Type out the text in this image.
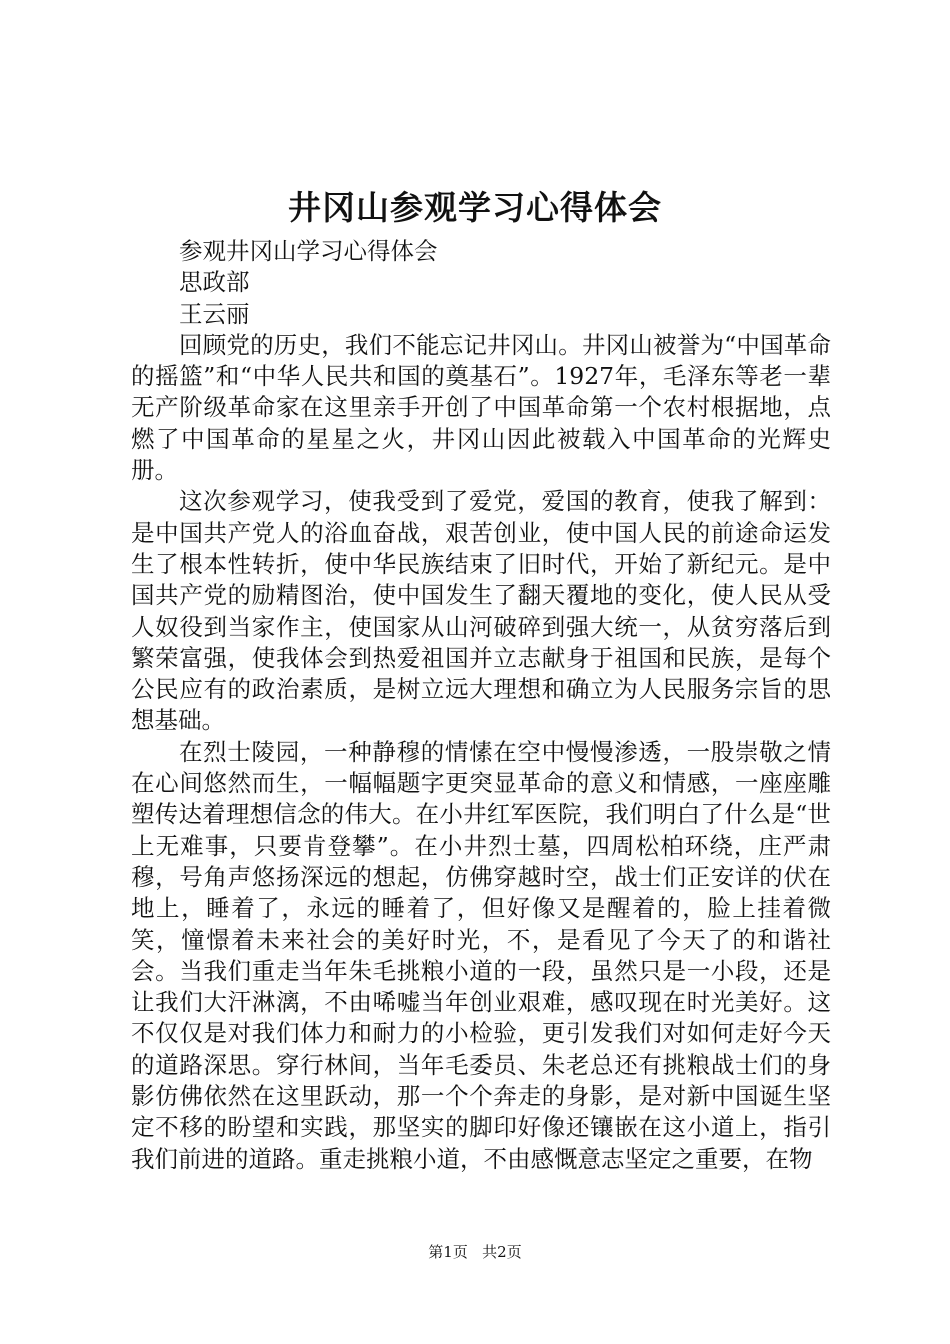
井冈山参观学习心得体会

参观井冈山学习心得体会

思政部

王云丽

回顾党的历史，我们不能忘记井冈山。井冈山被誉为“中国革命的摇篮”和“中华人民共和国的奠基石”。1927年，毛泽东等老一辈无产阶级革命家在这里亲手开创了中国革命第一个农村根据地，点燃了中国革命的星星之火，井冈山因此被载入中国革命的光辉史册。

这次参观学习，使我受到了爱党，爱国的教育，使我了解到：是中国共产党人的浴血奋战，艰苦创业，使中国人民的前途命运发生了根本性转折，使中华民族结束了旧时代，开始了新纪元。是中国共产党的励精图治，使中国发生了翻天覆地的变化，使人民从受人奴役到当家作主，使国家从山河破碎到强大统一，从贫穷落后到繁荣富强，使我体会到热爱祖国并立志献身于祖国和民族，是每个公民应有的政治素质，是树立远大理想和确立为人民服务宗旨的思想基础。

在烈士陵园，一种静穆的情愫在空中慢慢渗透，一股崇敬之情在心间悠然而生，一幅幅题字更突显革命的意义和情感，一座座雕塑传达着理想信念的伟大。在小井红军医院，我们明白了什么是“世上无难事，只要肯登攀”。在小井烈士墓，四周松柏环绕，庄严肃穆，号角声悠扬深远的想起，仿佛穿越时空，战士们正安详的伏在地上，睡着了，永远的睡着了，但好像又是醒着的，脸上挂着微笑，憧憬着未来社会的美好时光，不，是看见了今天了的和谐社会。当我们重走当年朱毛挑粮小道的一段，虽然只是一小段，还是让我们大汗淋漓，不由唏嘘当年创业艰难，感叹现在时光美好。这不仅仅是对我们体力和耐力的小检验，更引发我们对如何走好今天的道路深思。穿行林间，当年毛委员、朱老总还有挑粮战士们的身影仿佛依然在这里跃动，那一个个奔走的身影，是对新中国诞生坚定不移的盼望和实践，那坚实的脚印好像还镶嵌在这小道上，指引我们前进的道路。重走挑粮小道，不由感慨意志坚定之重要，在物

第1页 共2页
